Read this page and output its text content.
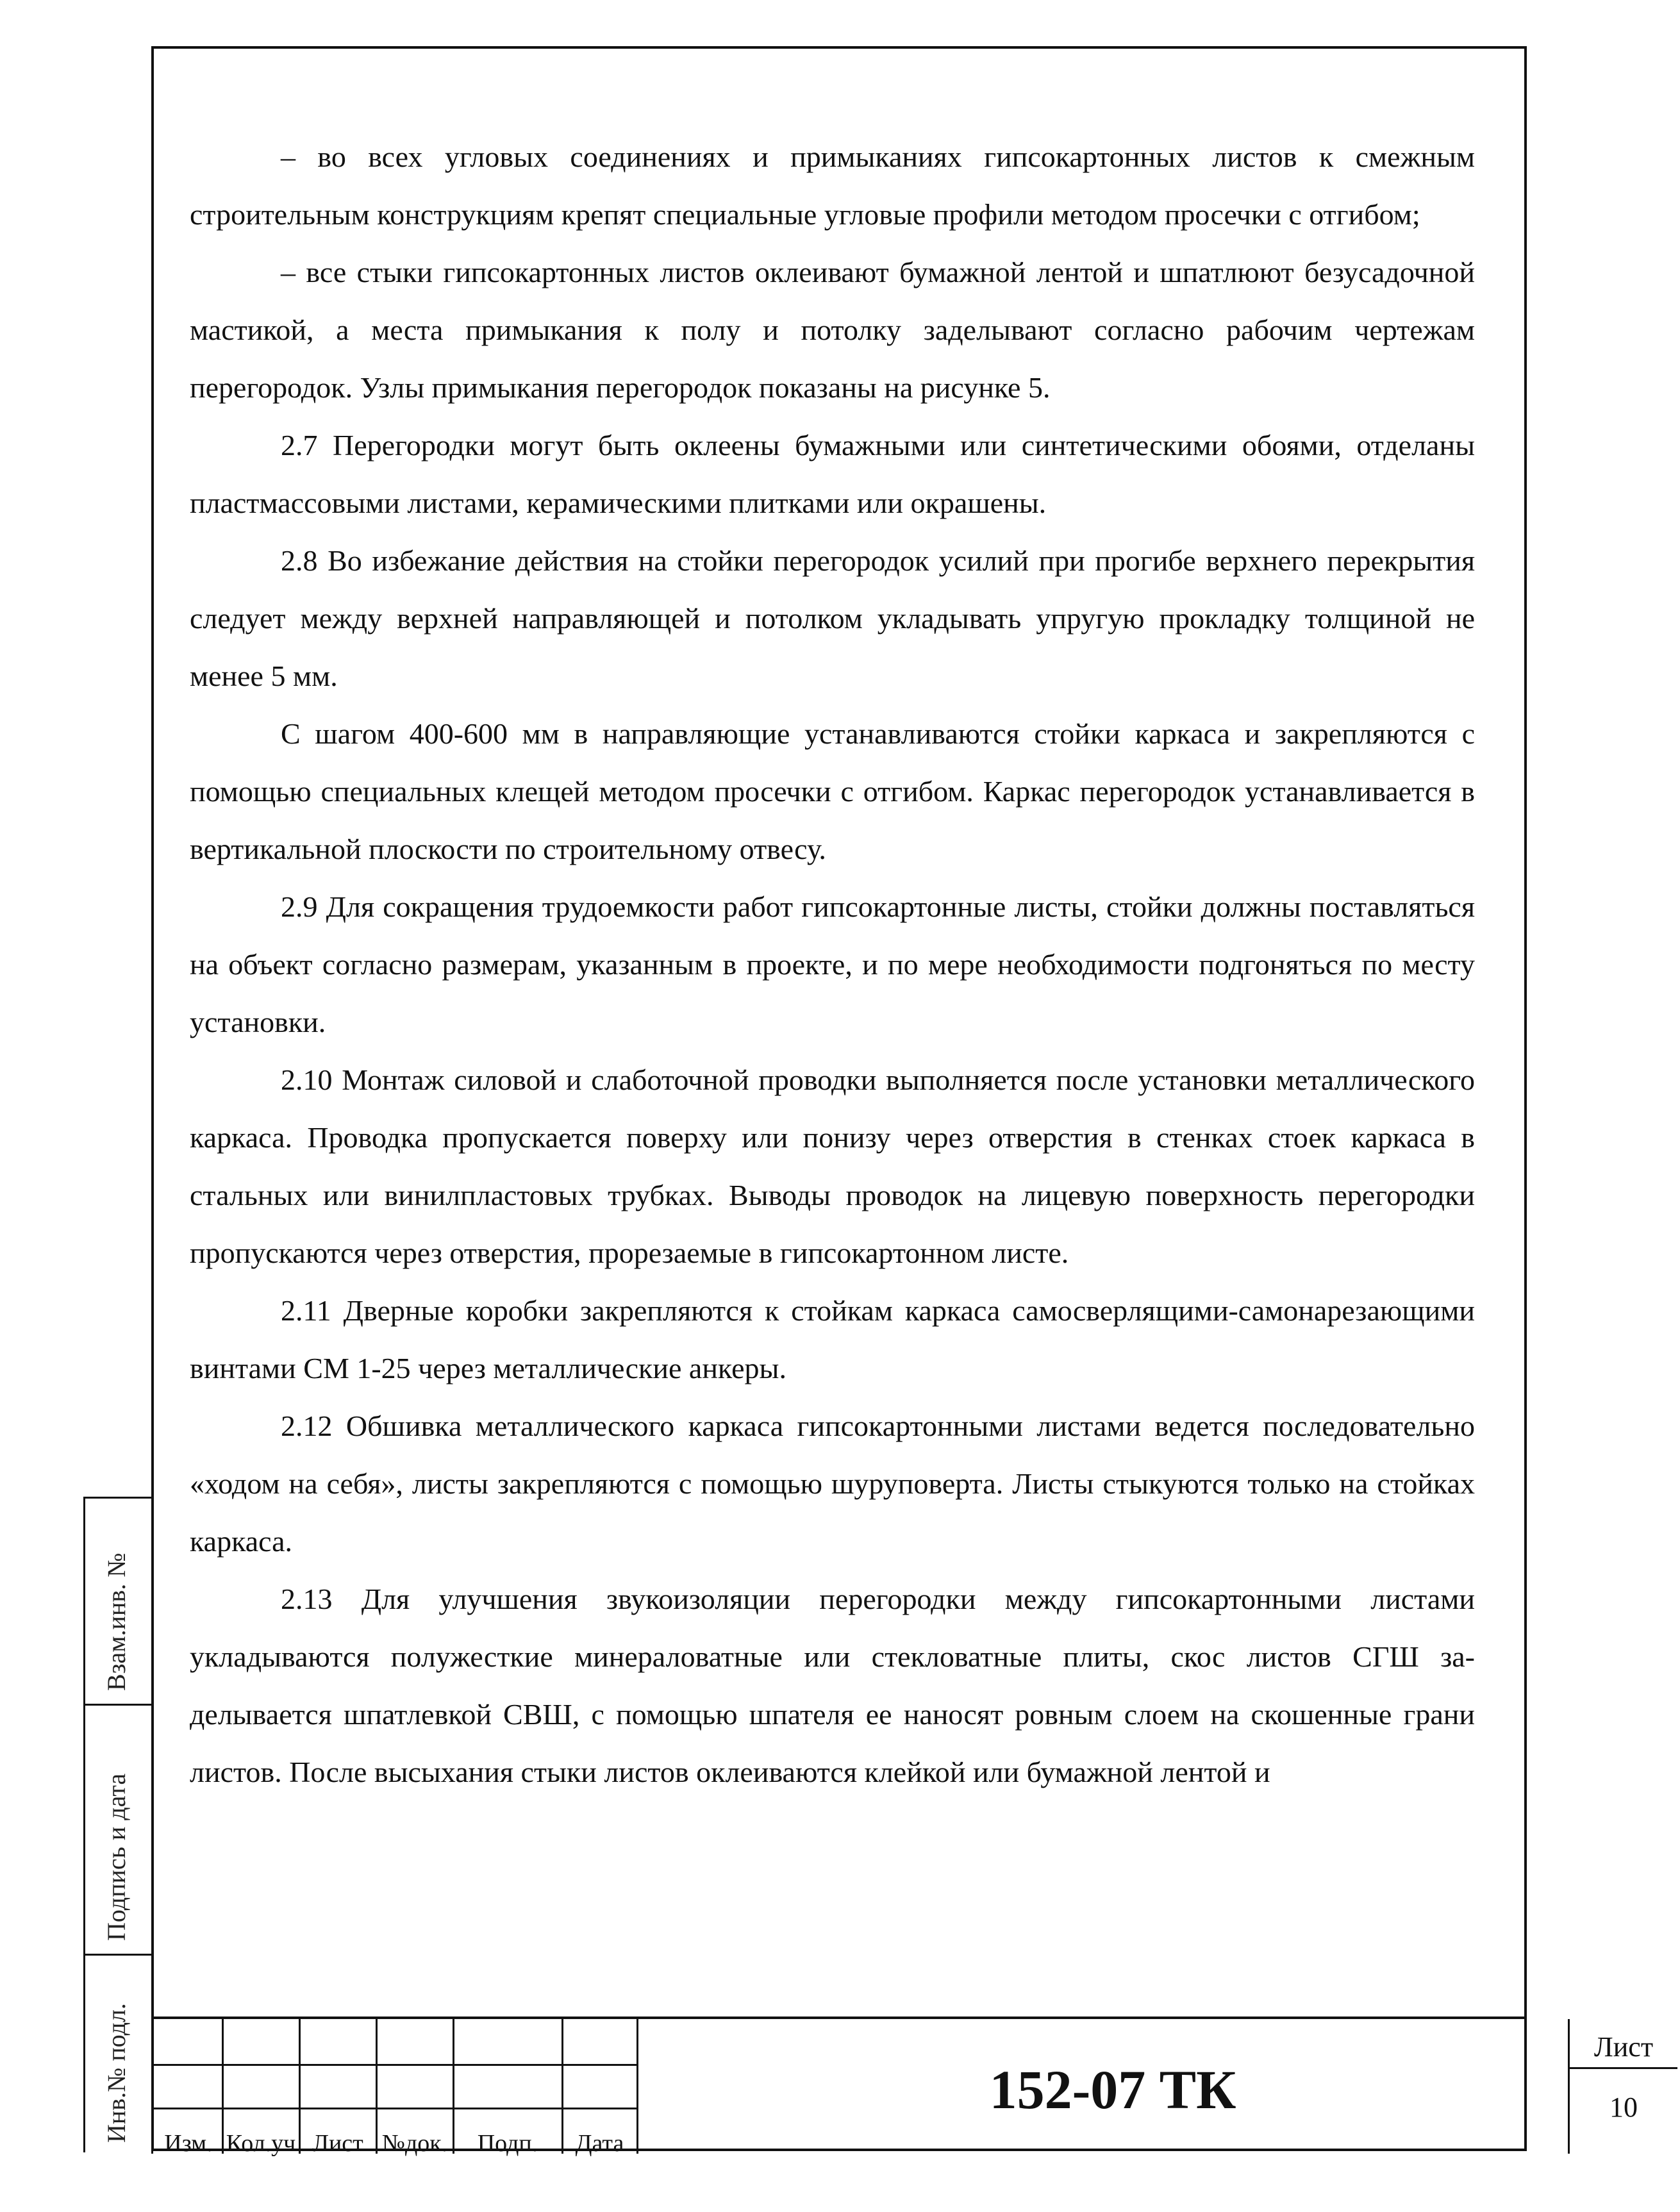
– во всех угловых соединениях и примыканиях гипсокартонных листов к смежным строительным конструкциям крепят специальные угловые профили методом просечки с отгибом;

– все стыки гипсокартонных листов оклеивают бумажной лентой и шпатлюют безусадочной мастикой, а места примыкания к полу и потолку заделывают согласно рабочим чертежам перегородок. Узлы примыкания перегородок показаны на рисунке 5.

2.7 Перегородки могут быть оклеены бумажными или синтетическими обоями, отделаны пластмассовыми листами, керамическими плитками или окрашены.

2.8 Во избежание действия на стойки перегородок усилий при прогибе верхнего перекрытия следует между верхней направляющей и потолком укладывать упругую прокладку толщиной не менее 5 мм.

С шагом 400-600 мм в направляющие устанавливаются стойки каркаса и закрепляются с помощью специальных клещей методом просечки с отгибом. Каркас перегородок устанавливается в вертикальной плоскости по строительному отвесу.

2.9 Для сокращения трудоемкости работ гипсокартонные листы, стойки должны поставляться на объект согласно размерам, указанным в проекте, и по мере необходимости подгоняться по месту установки.

2.10 Монтаж силовой и слаботочной проводки выполняется после установки металлического каркаса. Проводка пропускается поверху или понизу через отверстия в стенках стоек каркаса в стальных или винилпластовых трубках. Выводы проводок на лицевую поверхность перегородки пропускаются через отверстия, прорезаемые в гипсокартонном листе.

2.11 Дверные коробки закрепляются к стойкам каркаса самосверлящими-самонарезающими винтами СМ 1-25 через металлические анкеры.

2.12 Обшивка металлического каркаса гипсокартонными листами ведется последовательно «ходом на себя», листы закрепляются с помощью шуруповерта. Листы стыкуются только на стойках каркаса.

2.13 Для улучшения звукоизоляции перегородки между гипсокартонными листами укладываются полужесткие минераловатные или стекловатные плиты, скос листов СГШ заделывается шпатлевкой СВШ, с помощью шпателя ее наносят ровным слоем на скошенные грани листов. После высыхания стыки листов оклеиваются клейкой или бумажной лентой и

Взам.инв. №
Подпись и дата
Инв.№ подл.
Изм. Кол.уч Лист №док.	Подп.	Дата
152-07 ТК
Лист
10
